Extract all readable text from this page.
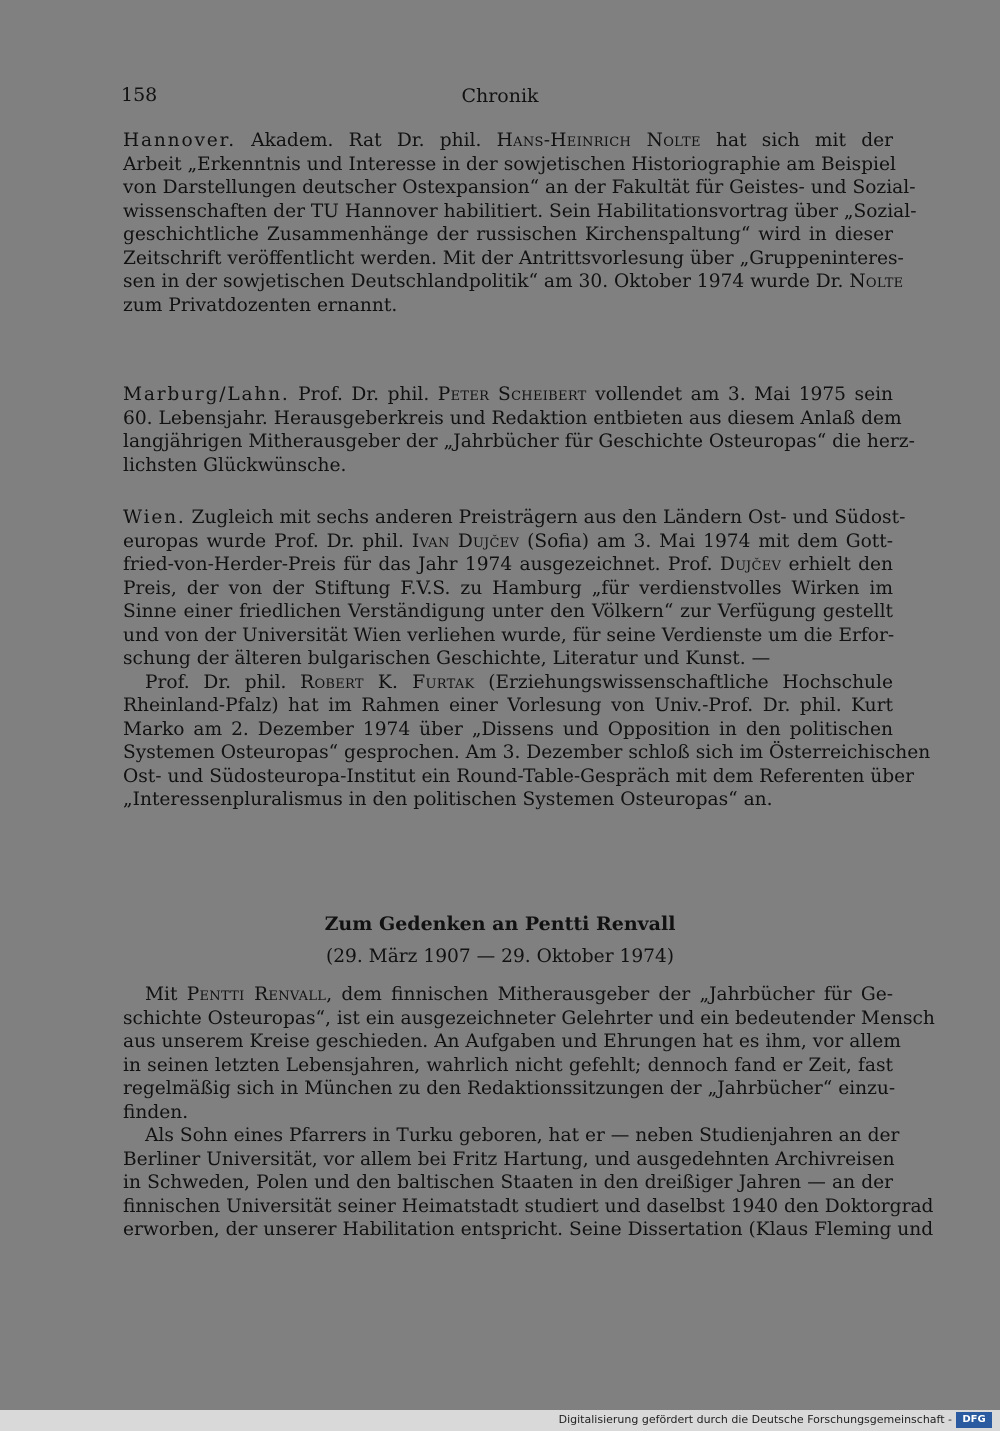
158	Chronik
Hannover. Akadem. Rat Dr. phil. Hans-Heinrich Nolte hat sich mit der
Arbeit „Erkenntnis und Interesse in der sowjetischen Historiographie am Beispiel
von Darstellungen deutscher Ostexpansion“ an der Fakultät für Geistes- und Sozial-
wissenschaften der TU Hannover habilitiert. Sein Habilitationsvortrag über „Sozial-
geschichtliche Zusammenhänge der russischen Kirchenspaltung“ wird in dieser
Zeitschrift veröffentlicht werden. Mit der Antrittsvorlesung über „Gruppeninteres-
sen in der sowjetischen Deutschlandpolitik“ am 30. Oktober 1974 wurde Dr. Nolte
zum Privatdozenten ernannt.
Marburg/Lahn. Prof. Dr. phil. Peter Scheibert vollendet am 3. Mai 1975 sein
60. Lebensjahr. Herausgeberkreis und Redaktion entbieten aus diesem Anlaß dem
langjährigen Mitherausgeber der „Jahrbücher für Geschichte Osteuropas“ die herz-
lichsten Glückwünsche.
Wien. Zugleich mit sechs anderen Preisträgern aus den Ländern Ost- und Südost-
europas wurde Prof. Dr. phil. Ivan Dujčev (Sofia) am 3. Mai 1974 mit dem Gott-
fried-von-Herder-Preis für das Jahr 1974 ausgezeichnet. Prof. Dujčev erhielt den
Preis, der von der Stiftung F.V.S. zu Hamburg „für verdienstvolles Wirken im
Sinne einer friedlichen Verständigung unter den Völkern“ zur Verfügung gestellt
und von der Universität Wien verliehen wurde, für seine Verdienste um die Erfor-
schung der älteren bulgarischen Geschichte, Literatur und Kunst. —
Prof. Dr. phil. Robert K. Furtak (Erziehungswissenschaftliche Hochschule
Rheinland-Pfalz) hat im Rahmen einer Vorlesung von Univ.-Prof. Dr. phil. Kurt
Marko am 2. Dezember 1974 über „Dissens und Opposition in den politischen
Systemen Osteuropas“ gesprochen. Am 3. Dezember schloß sich im Österreichischen
Ost- und Südosteuropa-Institut ein Round-Table-Gespräch mit dem Referenten über
„Interessenpluralismus in den politischen Systemen Osteuropas“ an.
Zum Gedenken an Pentti Renvall
(29. März 1907 — 29. Oktober 1974)
Mit Pentti Renvall, dem finnischen Mitherausgeber der „Jahrbücher für Ge-
schichte Osteuropas“, ist ein ausgezeichneter Gelehrter und ein bedeutender Mensch
aus unserem Kreise geschieden. An Aufgaben und Ehrungen hat es ihm, vor allem
in seinen letzten Lebensjahren, wahrlich nicht gefehlt; dennoch fand er Zeit, fast
regelmäßig sich in München zu den Redaktionssitzungen der „Jahrbücher“ einzu-
finden.
Als Sohn eines Pfarrers in Turku geboren, hat er — neben Studienjahren an der
Berliner Universität, vor allem bei Fritz Hartung, und ausgedehnten Archivreisen
in Schweden, Polen und den baltischen Staaten in den dreißiger Jahren — an der
finnischen Universität seiner Heimatstadt studiert und daselbst 1940 den Doktorgrad
erworben, der unserer Habilitation entspricht. Seine Dissertation (Klaus Fleming und
Digitalisierung gefördert durch die Deutsche Forschungsgemeinschaft -	DFG
